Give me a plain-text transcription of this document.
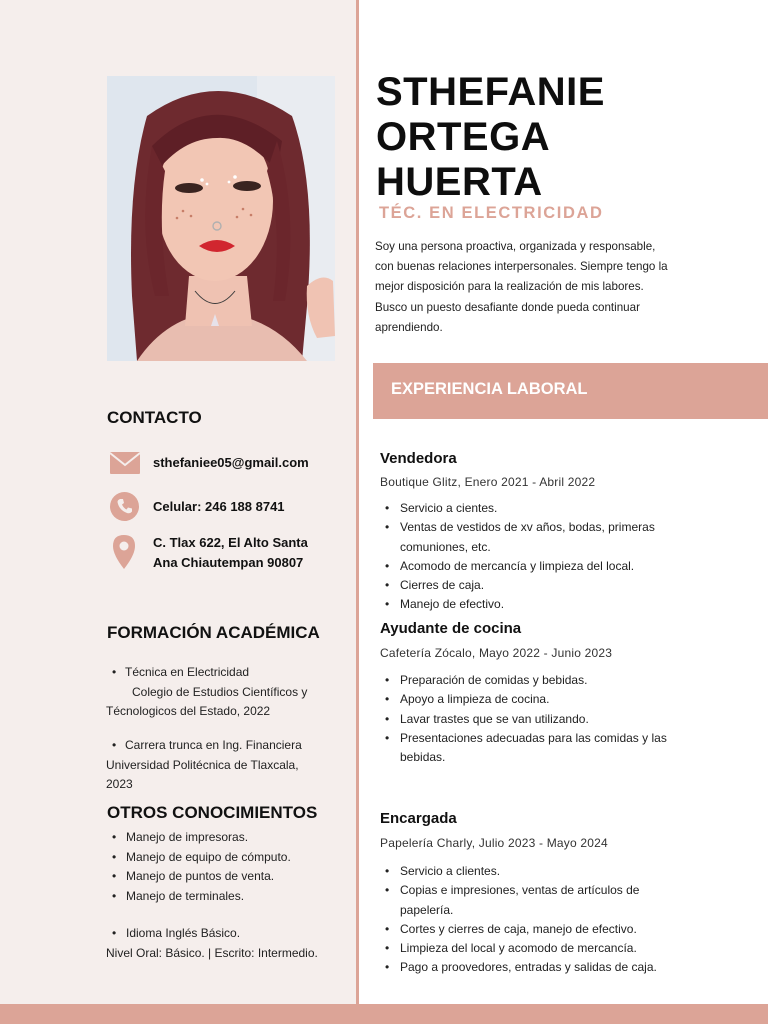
STHEFANIE
ORTEGA
HUERTA
TÉC. EN ELECTRICIDAD
Soy una persona proactiva, organizada y responsable, con buenas relaciones interpersonales. Siempre tengo la mejor disposición para la realización de mis labores. Busco un puesto desafiante donde pueda continuar aprendiendo.
CONTACTO
sthefaniee05@gmail.com
Celular: 246 188 8741
C. Tlax 622, El Alto Santa
Ana Chiautempan 90807
FORMACIÓN ACADÉMICA
• Técnica en Electricidad
Colegio de Estudios Científicos y
Técnologicos del Estado, 2022
• Carrera trunca en Ing. Financiera
Universidad Politécnica de Tlaxcala,
2023
OTROS CONOCIMIENTOS
• Manejo de impresoras.
• Manejo de equipo de cómputo.
• Manejo de puntos de venta.
• Manejo de terminales.
• Idioma Inglés Básico.
Nivel Oral: Básico. | Escrito: Intermedio.
EXPERIENCIA LABORAL
Vendedora
Boutique Glitz, Enero 2021 - Abril 2022
• Servicio a cientes.
• Ventas de vestidos de xv años, bodas, primeras comuniones, etc.
• Acomodo de mercancía y limpieza del local.
• Cierres de caja.
• Manejo de efectivo.
Ayudante de cocina
Cafetería Zócalo, Mayo 2022 - Junio 2023
• Preparación de comidas y bebidas.
• Apoyo a limpieza de cocina.
• Lavar trastes que se van utilizando.
• Presentaciones adecuadas para las comidas y las bebidas.
Encargada
Papelería Charly, Julio 2023 - Mayo 2024
• Servicio a clientes.
• Copias e impresiones, ventas de artículos de papelería.
• Cortes y cierres de caja, manejo de efectivo.
• Limpieza del local y acomodo de mercancía.
• Pago a proovedores, entradas y salidas de caja.
